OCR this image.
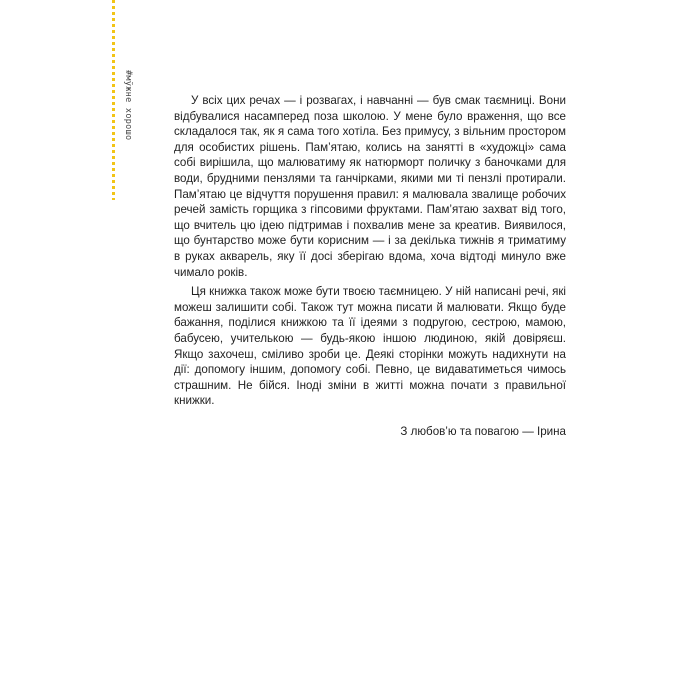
#мўжне хорошо	У всіх цих речах — і розвагах, і навчанні — був смак таємниці. Вони відбувалися насамперед поза школою. У мене було враження, що все складалося так, як я сама того хотіла. Без примусу, з вільним простором для особистих рішень. Пам’ятаю, колись на занятті в «художці» сама собі вирішила, що малюватиму як натюрморт поличку з баночками для води, брудними пензлями та ганчірками, якими ми ті пензлі протирали. Пам’ятаю це відчуття порушення правил: я малювала звалище робочих речей замість горщика з гіпсовими фруктами. Пам’ятаю захват від того, що вчитель цю ідею підтримав і похвалив мене за креатив. Виявилося, що бунтарство може бути корисним — і за декілька тижнів я триматиму в руках акварель, яку її досі зберігаю вдома, хоча відтоді минуло вже чимало років.

Ця книжка також може бути твоєю таємницею. У ній написані речі, які можеш залишити собі. Також тут можна писати й малювати. Якщо буде бажання, поділися книжкою та її ідеями з подругою, сестрою, мамою, бабусею, учителькою — будь-якою іншою людиною, якій довіряєш. Якщо захочеш, сміливо зроби це. Деякі сторінки можуть надихнути на дії: допомогу іншим, допомогу собі. Певно, це видаватиметься чимось страшним. Не бійся. Іноді зміни в житті можна почати з правильної книжки.

З любов’ю та повагою — Ірина
